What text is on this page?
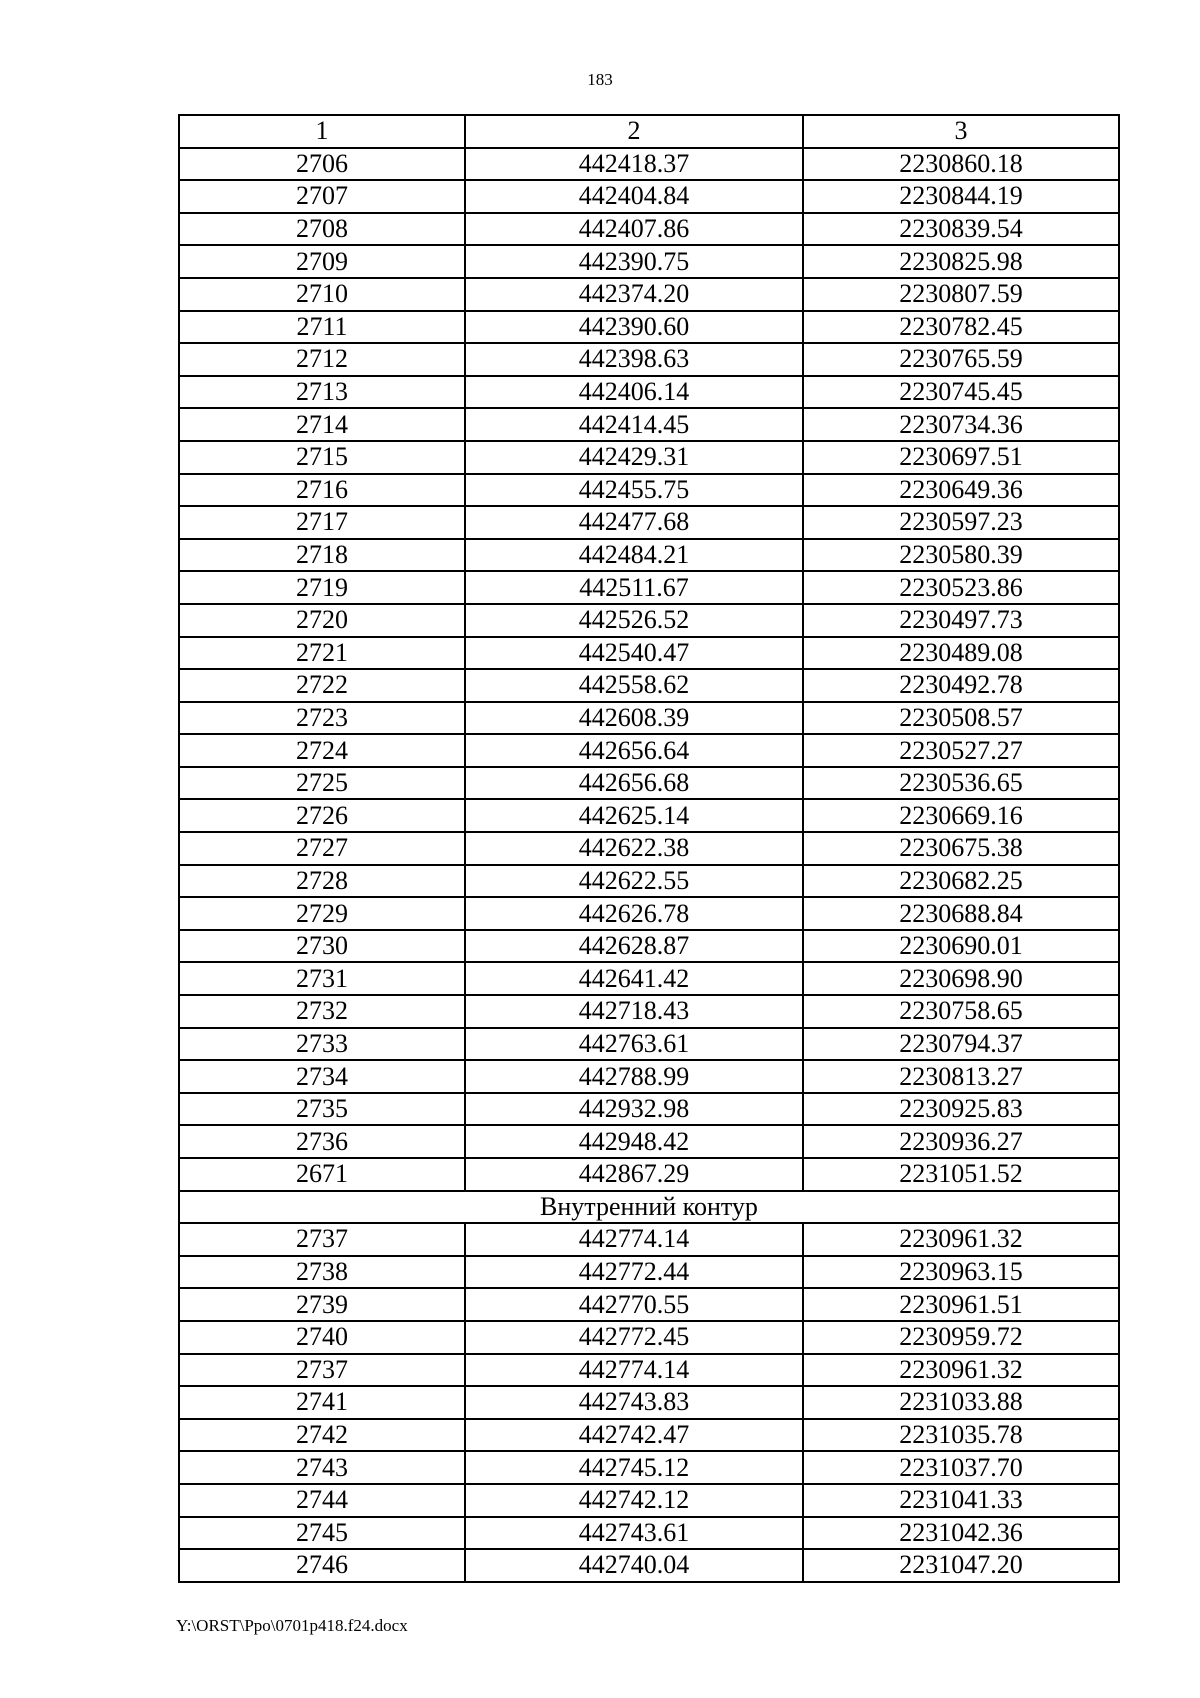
183
1	2	3
2706	442418.37	2230860.18
2707	442404.84	2230844.19
2708	442407.86	2230839.54
2709	442390.75	2230825.98
2710	442374.20	2230807.59
2711	442390.60	2230782.45
2712	442398.63	2230765.59
2713	442406.14	2230745.45
2714	442414.45	2230734.36
2715	442429.31	2230697.51
2716	442455.75	2230649.36
2717	442477.68	2230597.23
2718	442484.21	2230580.39
2719	442511.67	2230523.86
2720	442526.52	2230497.73
2721	442540.47	2230489.08
2722	442558.62	2230492.78
2723	442608.39	2230508.57
2724	442656.64	2230527.27
2725	442656.68	2230536.65
2726	442625.14	2230669.16
2727	442622.38	2230675.38
2728	442622.55	2230682.25
2729	442626.78	2230688.84
2730	442628.87	2230690.01
2731	442641.42	2230698.90
2732	442718.43	2230758.65
2733	442763.61	2230794.37
2734	442788.99	2230813.27
2735	442932.98	2230925.83
2736	442948.42	2230936.27
2671	442867.29	2231051.52
Внутренний контур		
2737	442774.14	2230961.32
2738	442772.44	2230963.15
2739	442770.55	2230961.51
2740	442772.45	2230959.72
2737	442774.14	2230961.32
2741	442743.83	2231033.88
2742	442742.47	2231035.78
2743	442745.12	2231037.70
2744	442742.12	2231041.33
2745	442743.61	2231042.36
2746	442740.04	2231047.20
Y:\ORST\Ppo\0701p418.f24.docx
